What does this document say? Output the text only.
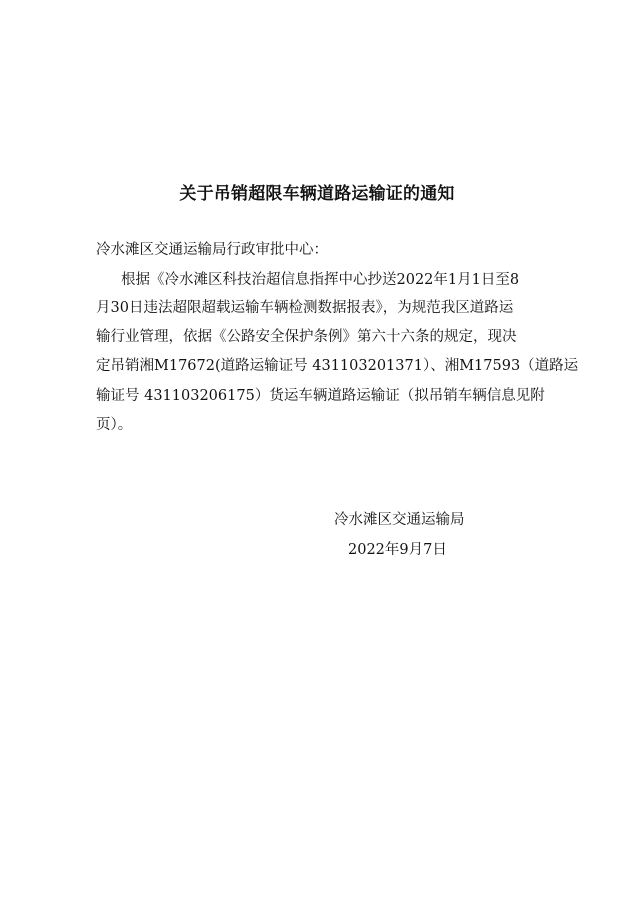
关于吊销超限车辆道路运输证的通知
冷水滩区交通运输局行政审批中心：
根据《冷水滩区科技治超信息指挥中心抄送2022年1月1日至8
月30日违法超限超载运输车辆检测数据报表》，为规范我区道路运
输行业管理，依据《公路安全保护条例》第六十六条的规定，现决
定吊销湘M17672(道路运输证号 431103201371）、湘M17593（道路运
输证号 431103206175）货运车辆道路运输证（拟吊销车辆信息见附
页）。
冷水滩区交通运输局
2022年9月7日
